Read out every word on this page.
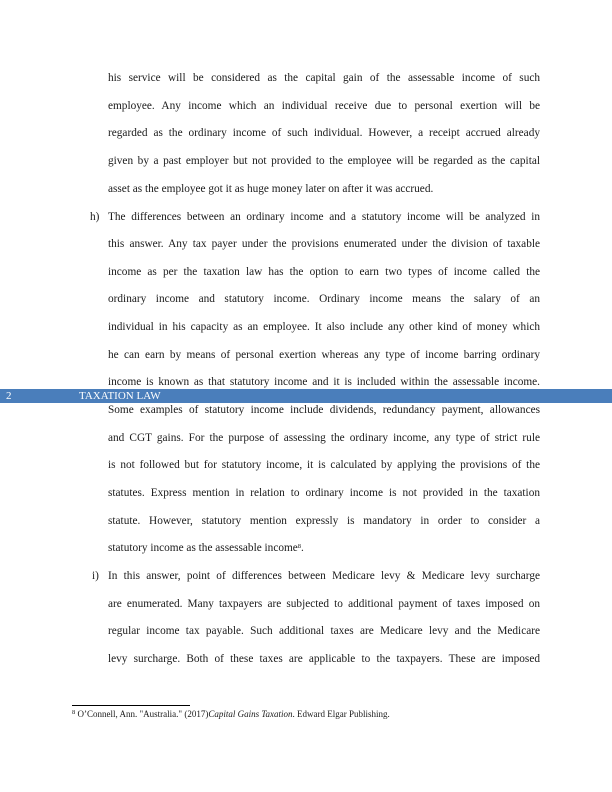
his service will be considered as the capital gain of the assessable income of such
employee. Any income which an individual receive due to personal exertion will be
regarded as the ordinary income of such individual. However, a receipt accrued already
given by a past employer but not provided to the employee will be regarded as the capital
asset as the employee got it as huge money later on after it was accrued.
h) The differences between an ordinary income and a statutory income will be analyzed in
this answer. Any tax payer under the provisions enumerated under the division of taxable
income as per the taxation law has the option to earn two types of income called the
ordinary income and statutory income. Ordinary income means the salary of an
individual in his capacity as an employee. It also include any other kind of money which
he can earn by means of personal exertion whereas any type of income barring ordinary
income is known as that statutory income and it is included within the assessable income.
2	TAXATION LAW
Some examples of statutory income include dividends, redundancy payment, allowances
and CGT gains. For the purpose of assessing the ordinary income, any type of strict rule
is not followed but for statutory income, it is calculated by applying the provisions of the
statutes. Express mention in relation to ordinary income is not provided in the taxation
statute. However, statutory mention expressly is mandatory in order to consider a
statutory income as the assessable income$^8$.
i) In this answer, point of differences between Medicare levy & Medicare levy surcharge
are enumerated. Many taxpayers are subjected to additional payment of taxes imposed on
regular income tax payable. Such additional taxes are Medicare levy and the Medicare
levy surcharge. Both of these taxes are applicable to the taxpayers. These are imposed
$^8$ O’Connell, Ann. "Australia." (2017)Capital Gains Taxation. Edward Elgar Publishing.
